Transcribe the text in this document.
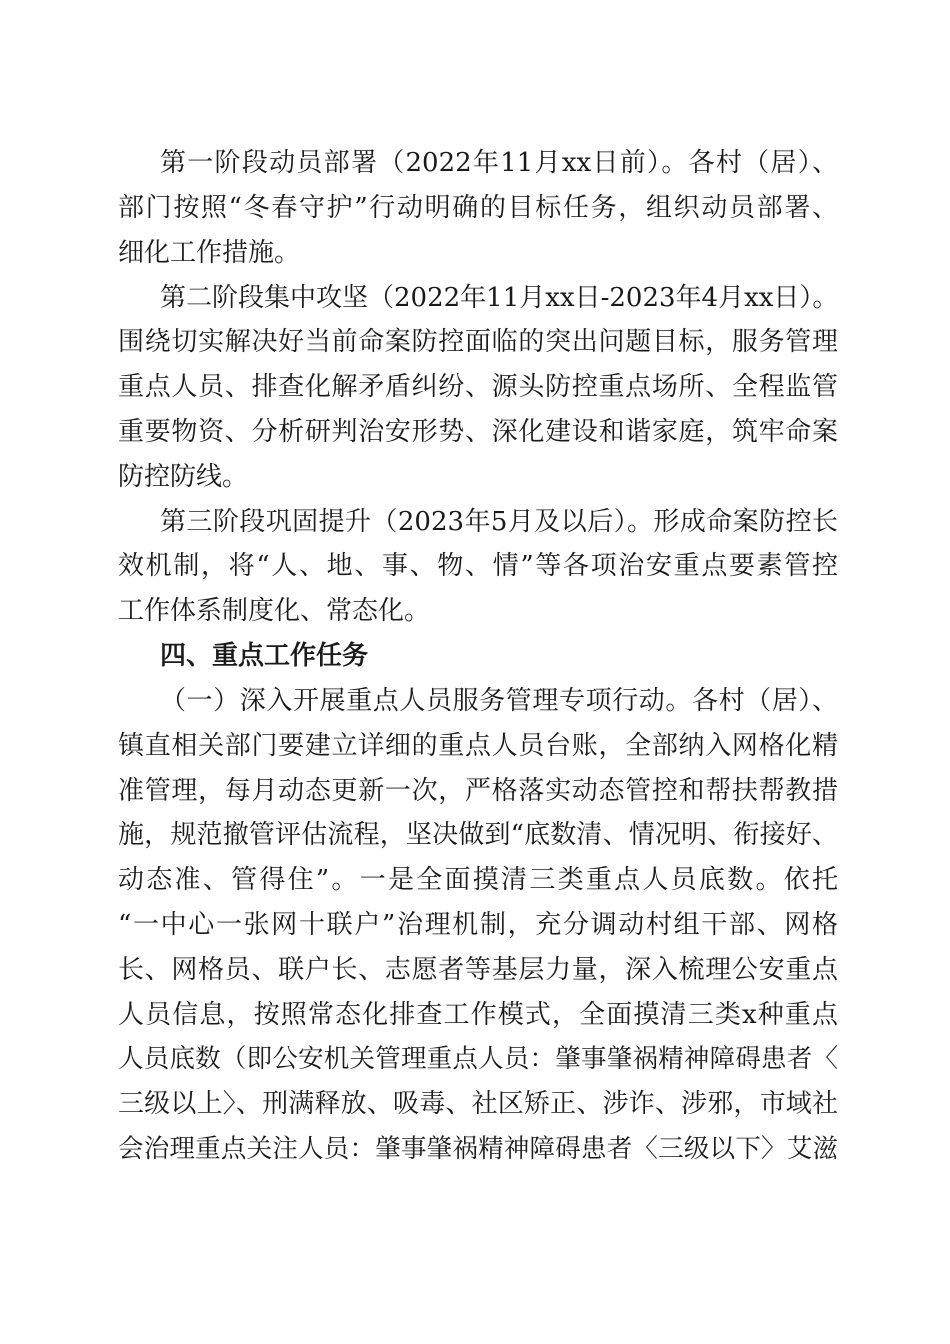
第一阶段动员部署（2022年11月xx日前）。各村（居）、
部门按照“冬春守护”行动明确的目标任务，组织动员部署、
细化工作措施。
第二阶段集中攻坚（2022年11月xx日-2023年4月xx日）。
围绕切实解决好当前命案防控面临的突出问题目标，服务管理
重点人员、排查化解矛盾纠纷、源头防控重点场所、全程监管
重要物资、分析研判治安形势、深化建设和谐家庭，筑牢命案
防控防线。
第三阶段巩固提升（2023年5月及以后）。形成命案防控长
效机制，将“人、地、事、物、情”等各项治安重点要素管控
工作体系制度化、常态化。
四、重点工作任务
（一）深入开展重点人员服务管理专项行动。各村（居）、
镇直相关部门要建立详细的重点人员台账，全部纳入网格化精
准管理，每月动态更新一次，严格落实动态管控和帮扶帮教措
施，规范撤管评估流程，坚决做到“底数清、情况明、衔接好、
动态准、管得住”。一是全面摸清三类重点人员底数。依托
“一中心一张网十联户”治理机制，充分调动村组干部、网格
长、网格员、联户长、志愿者等基层力量，深入梳理公安重点
人员信息，按照常态化排查工作模式，全面摸清三类x种重点
人员底数（即公安机关管理重点人员：肇事肇祸精神障碍患者〈
三级以上〉、刑满释放、吸毒、社区矫正、涉诈、涉邪，市域社
会治理重点关注人员：肇事肇祸精神障碍患者〈三级以下〉艾滋
